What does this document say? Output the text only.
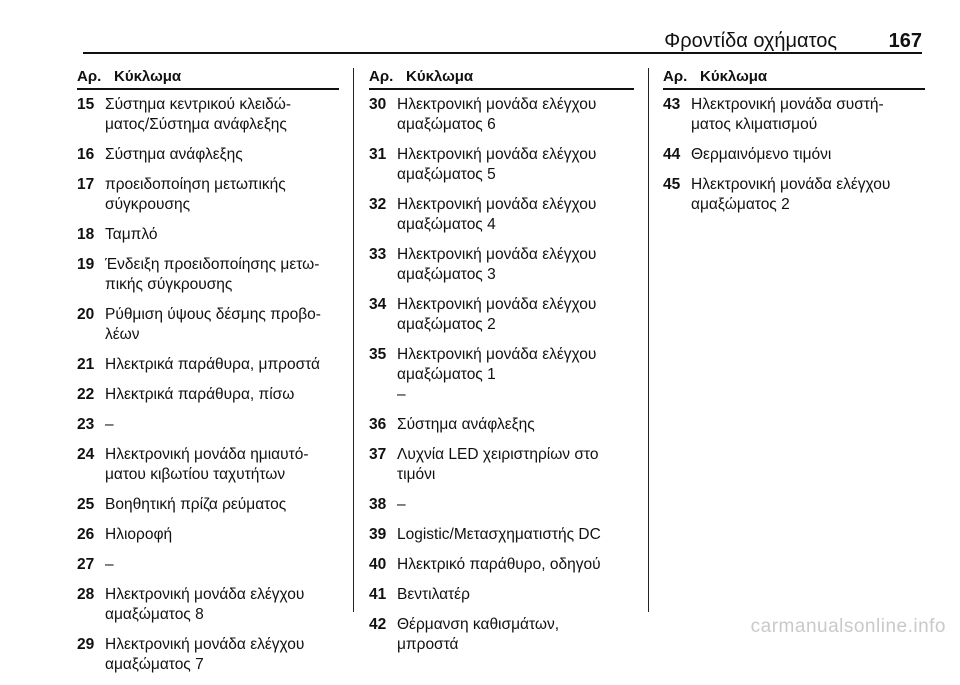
Φροντίδα οχήματος	167
Αρ. Κύκλωμα
15 Σύστημα κεντρικού κλειδώ-
ματος/Σύστημα ανάφλεξης
16 Σύστημα ανάφλεξης
17 προειδοποίηση μετωπικής
σύγκρουσης
18 Ταμπλό
19 Ένδειξη προειδοποίησης μετω-
πικής σύγκρουσης
20 Ρύθμιση ύψους δέσμης προβο-
λέων
21 Ηλεκτρικά παράθυρα, μπροστά
22 Ηλεκτρικά παράθυρα, πίσω
23 –
24 Ηλεκτρονική μονάδα ημιαυτό-
ματου κιβωτίου ταχυτήτων
25 Βοηθητική πρίζα ρεύματος
26 Ηλιοροφή
27 –
28 Ηλεκτρονική μονάδα ελέγχου
αμαξώματος 8
29 Ηλεκτρονική μονάδα ελέγχου
αμαξώματος 7
Αρ. Κύκλωμα
30 Ηλεκτρονική μονάδα ελέγχου
αμαξώματος 6
31 Ηλεκτρονική μονάδα ελέγχου
αμαξώματος 5
32 Ηλεκτρονική μονάδα ελέγχου
αμαξώματος 4
33 Ηλεκτρονική μονάδα ελέγχου
αμαξώματος 3
34 Ηλεκτρονική μονάδα ελέγχου
αμαξώματος 2
35 Ηλεκτρονική μονάδα ελέγχου
αμαξώματος 1
–
36 Σύστημα ανάφλεξης
37 Λυχνία LED χειριστηρίων στο
τιμόνι
38 –
39 Logistic/Μετασχηματιστής DC
40 Ηλεκτρικό παράθυρο, οδηγού
41 Βεντιλατέρ
42 Θέρμανση καθισμάτων,
μπροστά
Αρ. Κύκλωμα
43 Ηλεκτρονική μονάδα συστή-
ματος κλιματισμού
44 Θερμαινόμενο τιμόνι
45 Ηλεκτρονική μονάδα ελέγχου
αμαξώματος 2
carmanualsonline.info
